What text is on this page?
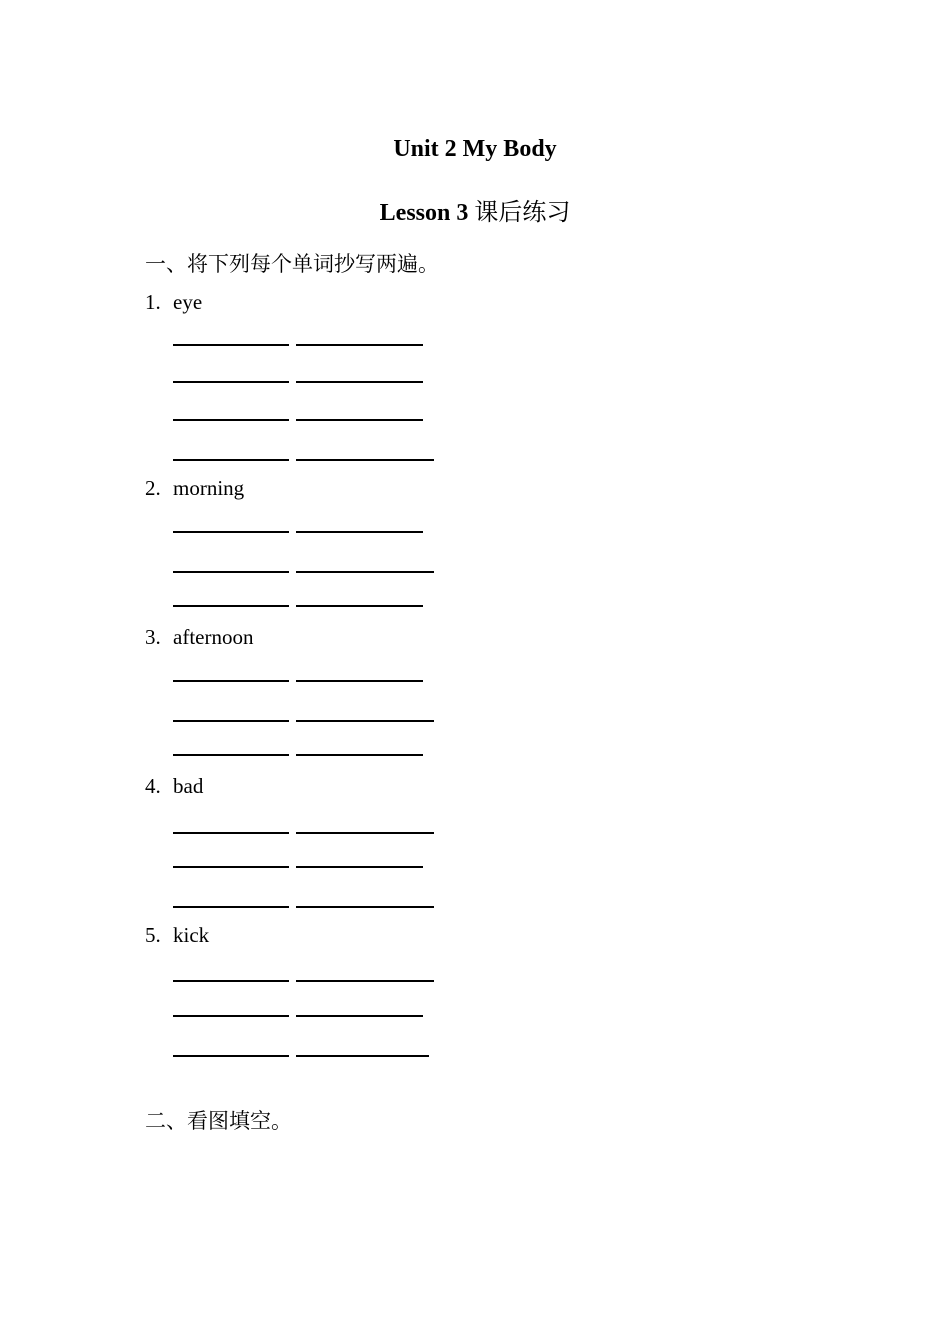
Unit 2 My Body
Lesson 3 课后练习
一、将下列每个单词抄写两遍。
1. eye
2. morning
3. afternoon
4. bad
5. kick
二、看图填空。
